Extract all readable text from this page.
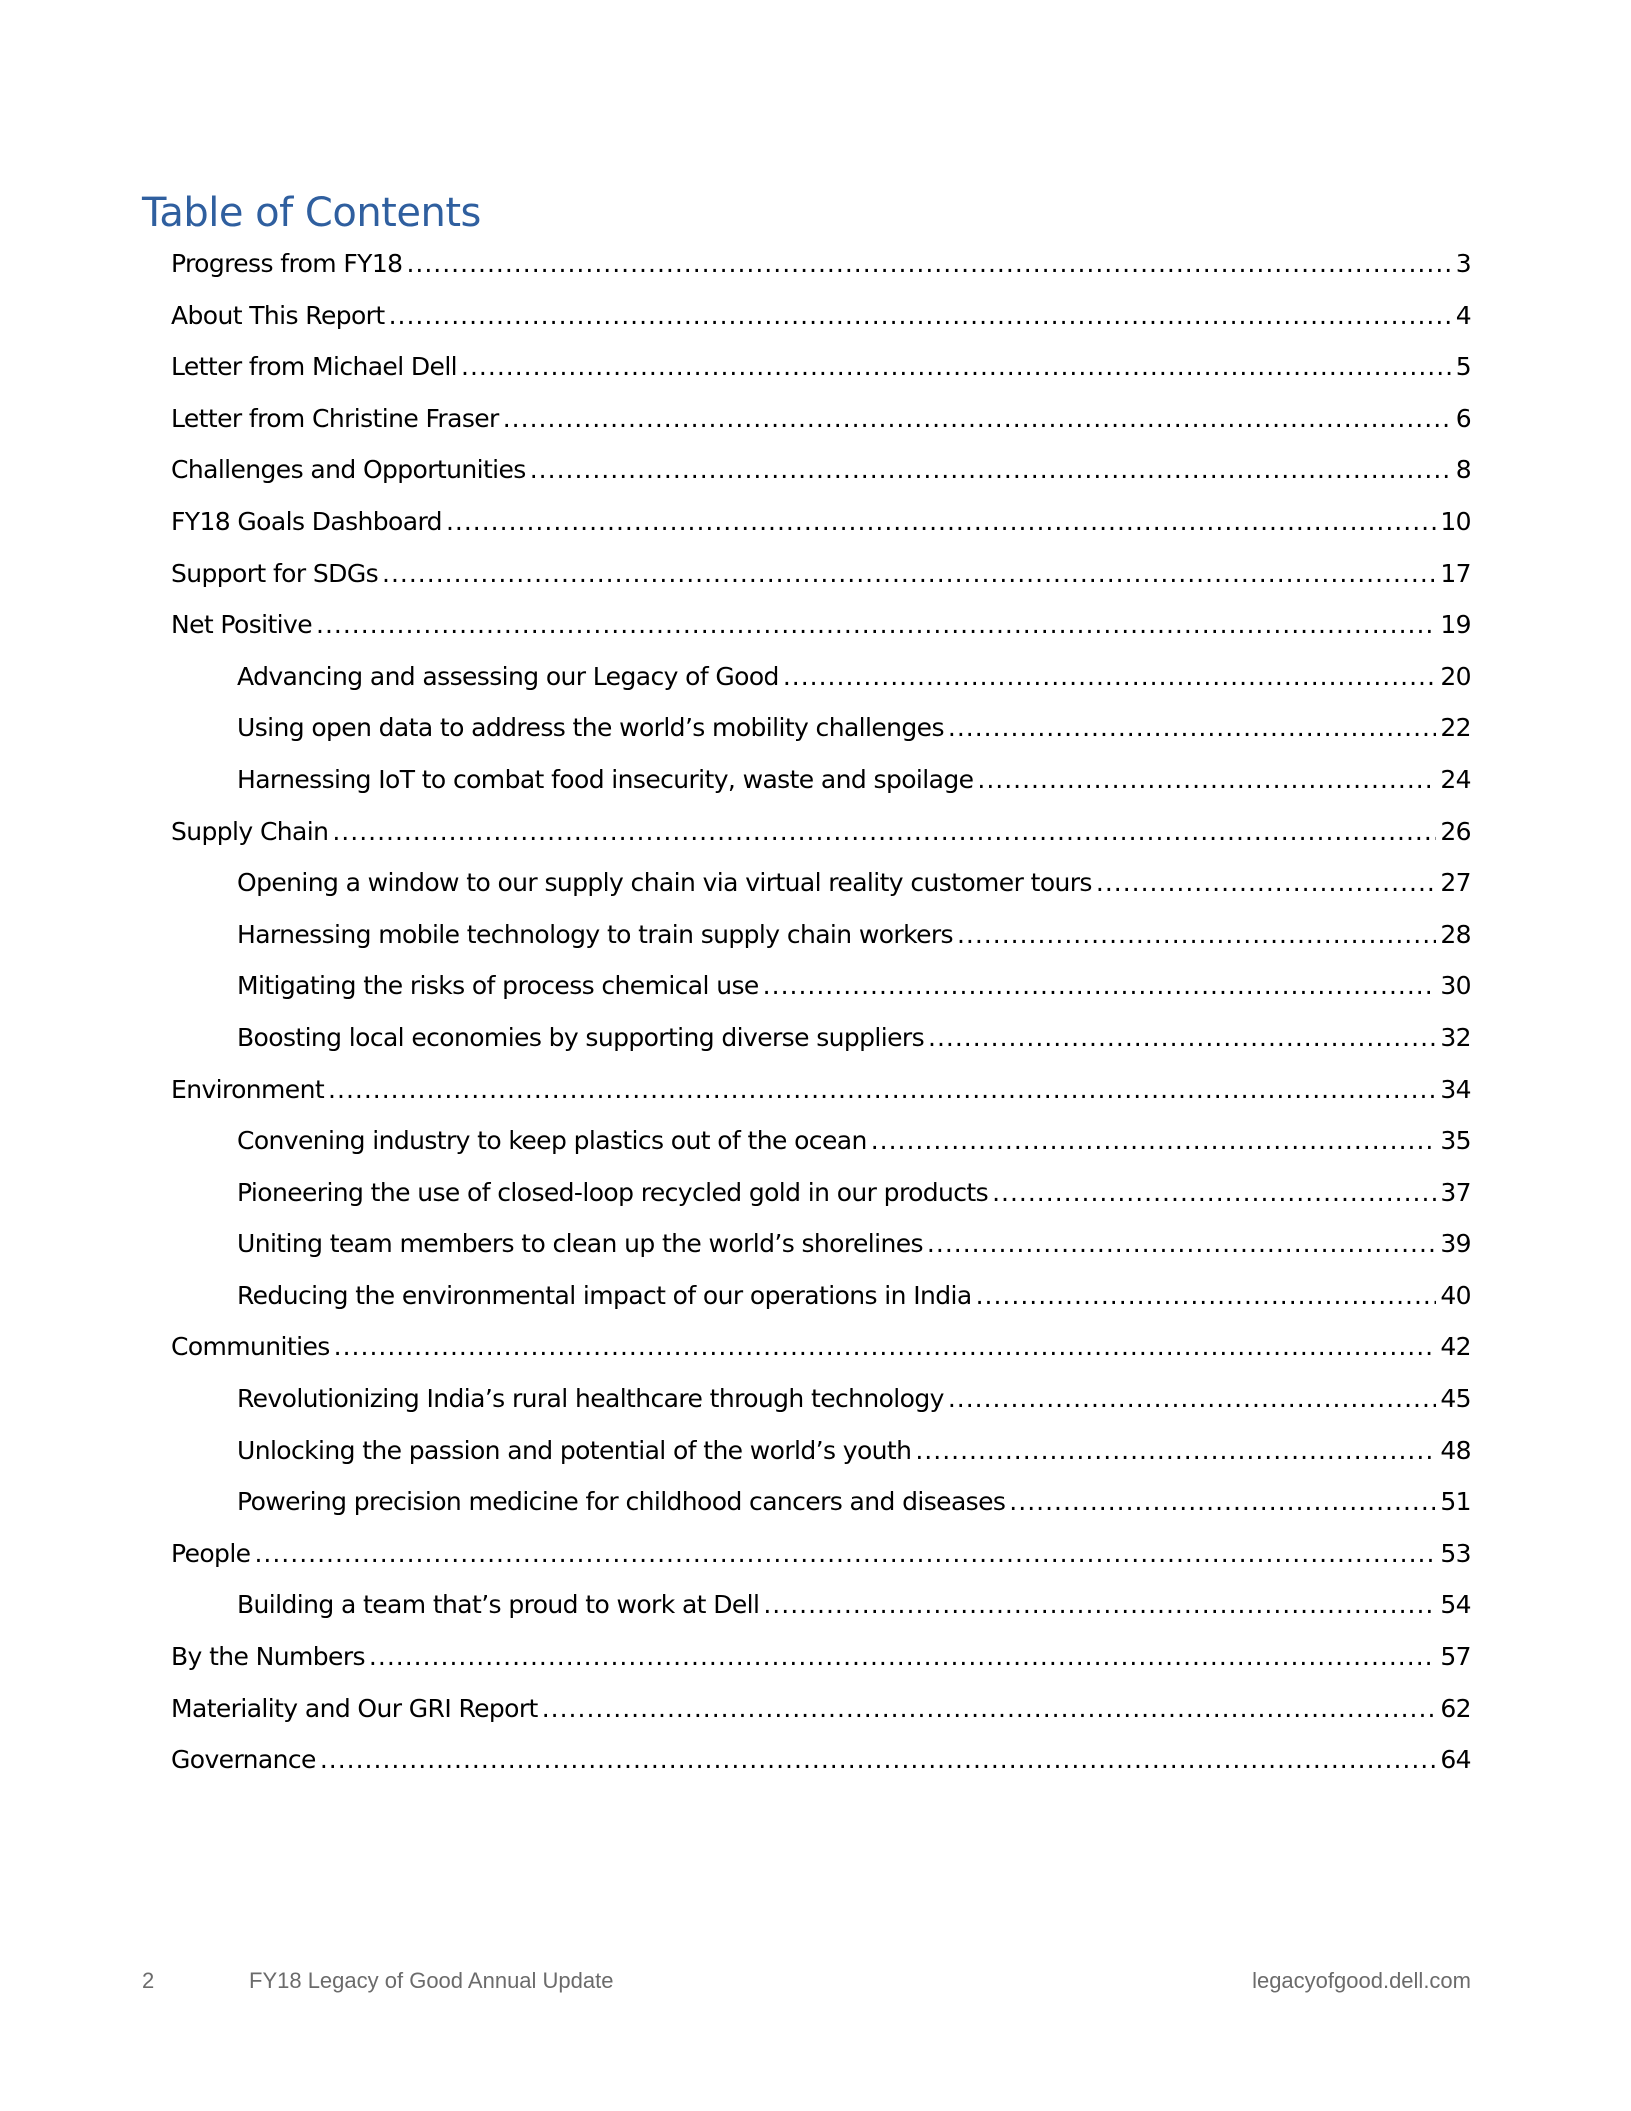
Table of Contents
Progress from FY18 .....	3
About This Report .....	4
Letter from Michael Dell .....	5
Letter from Christine Fraser .....	6
Challenges and Opportunities .....	8
FY18 Goals Dashboard .....	10
Support for SDGs .....	17
Net Positive .....	19
Advancing and assessing our Legacy of Good .....	20
Using open data to address the world’s mobility challenges .....	22
Harnessing IoT to combat food insecurity, waste and spoilage .....	24
Supply Chain .....	26
Opening a window to our supply chain via virtual reality customer tours .....	27
Harnessing mobile technology to train supply chain workers .....	28
Mitigating the risks of process chemical use .....	30
Boosting local economies by supporting diverse suppliers .....	32
Environment .....	34
Convening industry to keep plastics out of the ocean .....	35
Pioneering the use of closed-loop recycled gold in our products .....	37
Uniting team members to clean up the world’s shorelines .....	39
Reducing the environmental impact of our operations in India .....	40
Communities .....	42
Revolutionizing India’s rural healthcare through technology .....	45
Unlocking the passion and potential of the world’s youth .....	48
Powering precision medicine for childhood cancers and diseases .....	51
People .....	53
Building a team that’s proud to work at Dell .....	54
By the Numbers .....	57
Materiality and Our GRI Report .....	62
Governance .....	64
2	FY18 Legacy of Good Annual Update	legacyofgood.dell.com
